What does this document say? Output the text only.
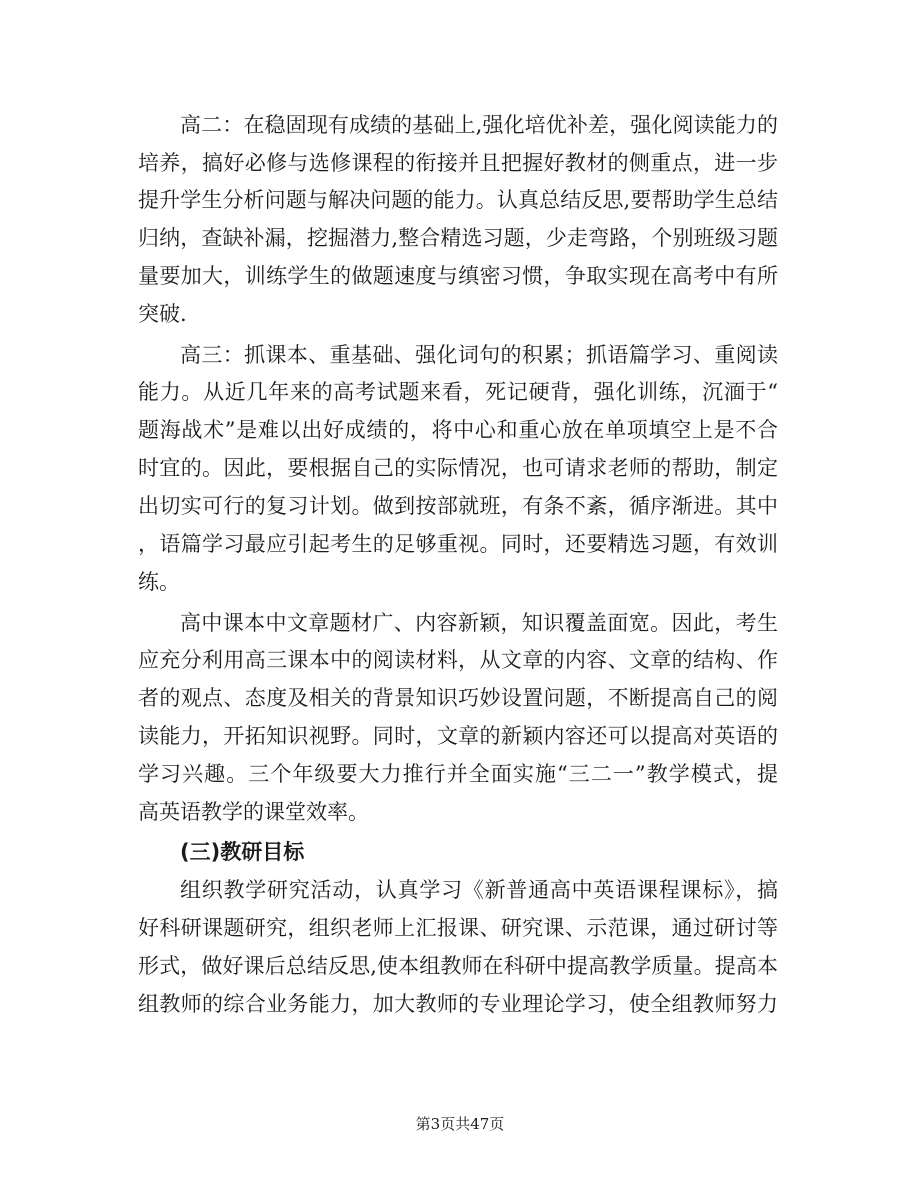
高二：在稳固现有成绩的基础上,强化培优补差，强化阅读能力的
培养，搞好必修与选修课程的衔接并且把握好教材的侧重点，进一步
提升学生分析问题与解决问题的能力。认真总结反思,要帮助学生总结
归纳，查缺补漏，挖掘潜力,整合精选习题，少走弯路，个别班级习题
量要加大，训练学生的做题速度与缜密习惯，争取实现在高考中有所
突破.
高三：抓课本、重基础、强化词句的积累；抓语篇学习、重阅读
能力。从近几年来的高考试题来看，死记硬背，强化训练，沉湎于“
题海战术”是难以出好成绩的，将中心和重心放在单项填空上是不合
时宜的。因此，要根据自己的实际情况，也可请求老师的帮助，制定
出切实可行的复习计划。做到按部就班，有条不紊，循序渐进。其中
，语篇学习最应引起考生的足够重视。同时，还要精选习题，有效训
练。
高中课本中文章题材广、内容新颖，知识覆盖面宽。因此，考生
应充分利用高三课本中的阅读材料，从文章的内容、文章的结构、作
者的观点、态度及相关的背景知识巧妙设置问题，不断提高自己的阅
读能力，开拓知识视野。同时，文章的新颖内容还可以提高对英语的
学习兴趣。三个年级要大力推行并全面实施“三二一”教学模式，提
高英语教学的课堂效率。
(三)教研目标
组织教学研究活动，认真学习《新普通高中英语课程课标》，搞
好科研课题研究，组织老师上汇报课、研究课、示范课，通过研讨等
形式，做好课后总结反思,使本组教师在科研中提高教学质量。提高本
组教师的综合业务能力，加大教师的专业理论学习，使全组教师努力
第3页共47页
